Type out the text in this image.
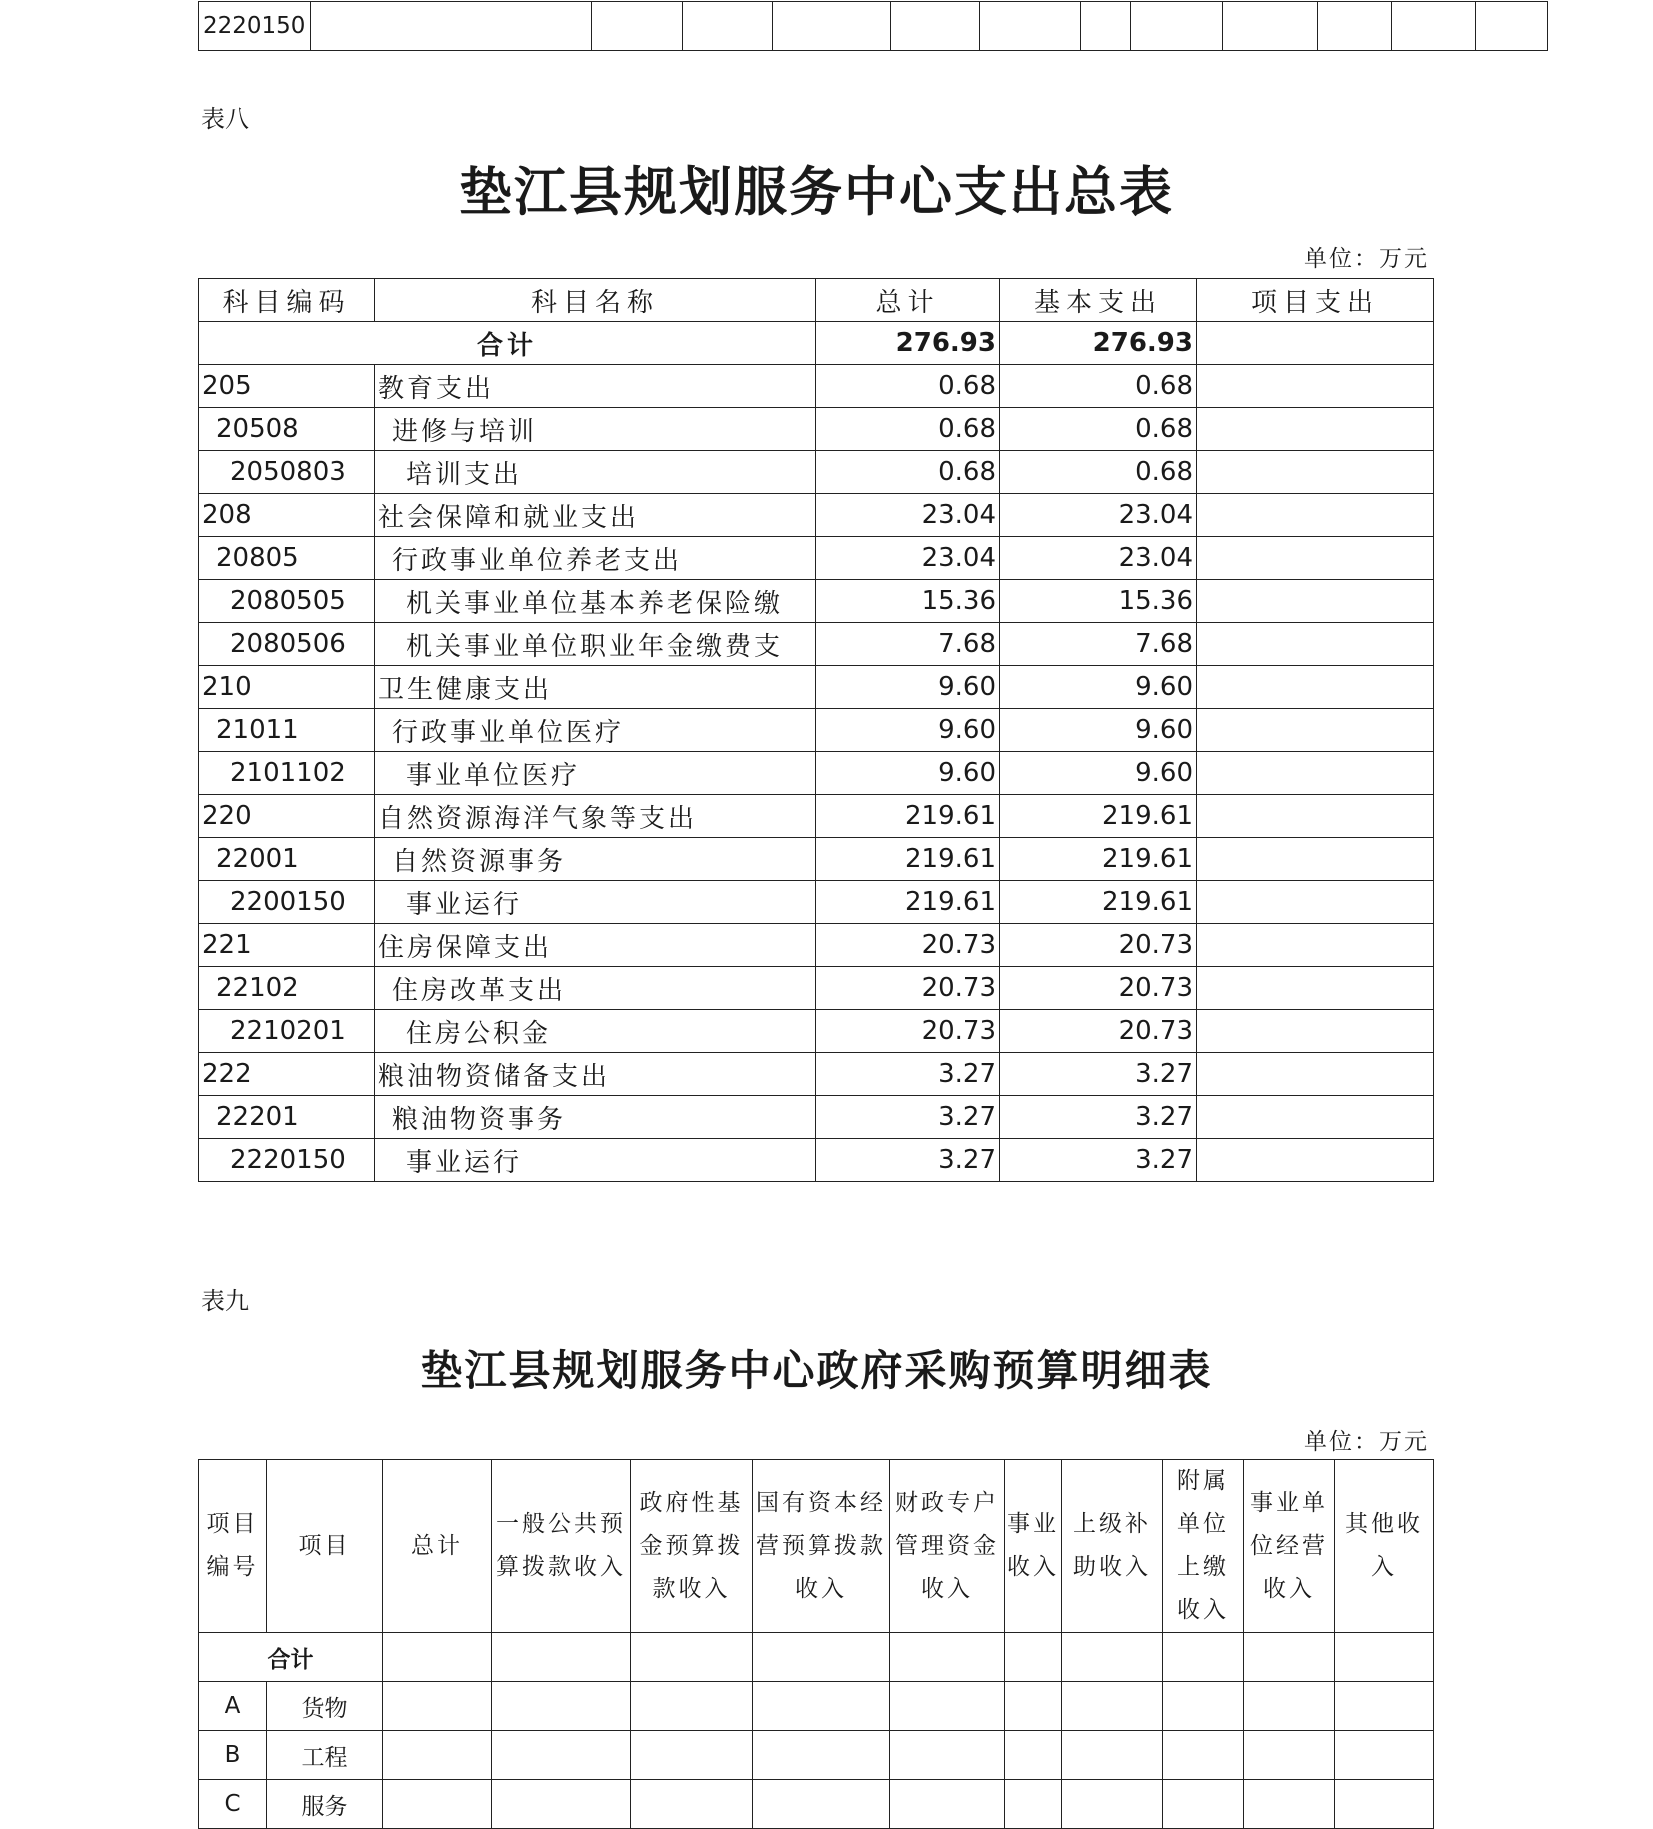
2220150												
表八
垫江县规划服务中心支出总表
单位：万元
科目编码	科目名称	总计	基本支出	项目支出
合计		276.93	276.93	
205	教育支出	0.68	0.68	
20508	进修与培训	0.68	0.68	
2050803	培训支出	0.68	0.68	
208	社会保障和就业支出	23.04	23.04	
20805	行政事业单位养老支出	23.04	23.04	
2080505	机关事业单位基本养老保险缴	15.36	15.36	
2080506	机关事业单位职业年金缴费支	7.68	7.68	
210	卫生健康支出	9.60	9.60	
21011	行政事业单位医疗	9.60	9.60	
2101102	事业单位医疗	9.60	9.60	
220	自然资源海洋气象等支出	219.61	219.61	
22001	自然资源事务	219.61	219.61	
2200150	事业运行	219.61	219.61	
221	住房保障支出	20.73	20.73	
22102	住房改革支出	20.73	20.73	
2210201	住房公积金	20.73	20.73	
222	粮油物资储备支出	3.27	3.27	
22201	粮油物资事务	3.27	3.27	
2220150	事业运行	3.27	3.27	
表九
垫江县规划服务中心政府采购预算明细表
单位：万元
项目编号	项目	总计	一般公共预算拨款收入	政府性基金预算拨款收入	国有资本经营预算拨款收入	财政专户管理资金收入	事业收入	上级补助收入	附属单位上缴收入	事业单位经营收入	其他收入
合计											
A	货物										
B	工程										
C	服务										
